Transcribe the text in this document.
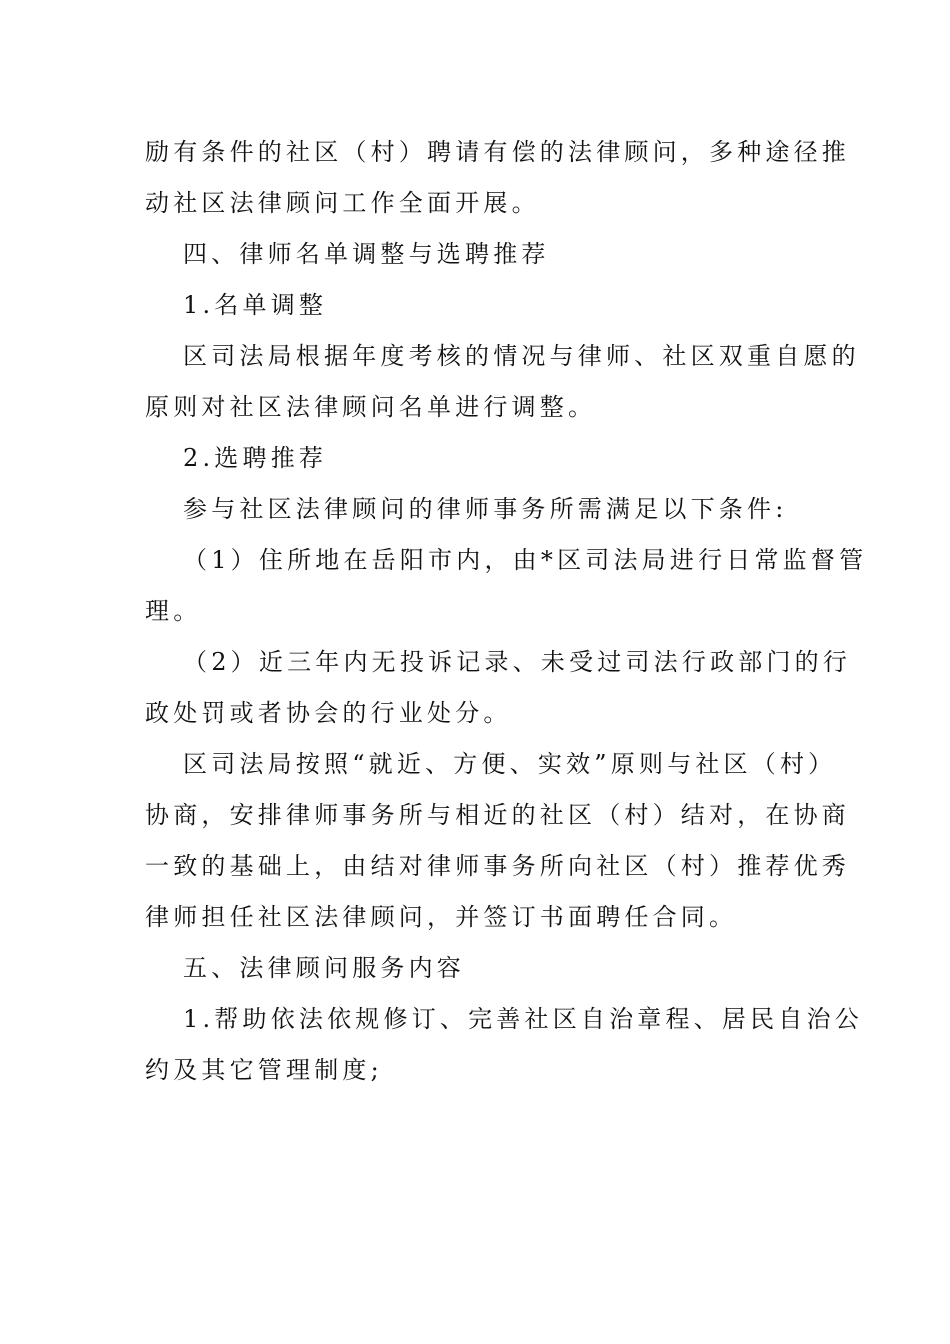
励有条件的社区（村）聘请有偿的法律顾问，多种途径推
动社区法律顾问工作全面开展。
四、律师名单调整与选聘推荐
1.名单调整
区司法局根据年度考核的情况与律师、社区双重自愿的
原则对社区法律顾问名单进行调整。
2.选聘推荐
参与社区法律顾问的律师事务所需满足以下条件:
（1）住所地在岳阳市内，由*区司法局进行日常监督管
理。
（2）近三年内无投诉记录、未受过司法行政部门的行
政处罚或者协会的行业处分。
区司法局按照“就近、方便、实效”原则与社区（村）
协商，安排律师事务所与相近的社区（村）结对，在协商
一致的基础上，由结对律师事务所向社区（村）推荐优秀
律师担任社区法律顾问，并签订书面聘任合同。
五、法律顾问服务内容
1.帮助依法依规修订、完善社区自治章程、居民自治公
约及其它管理制度;
